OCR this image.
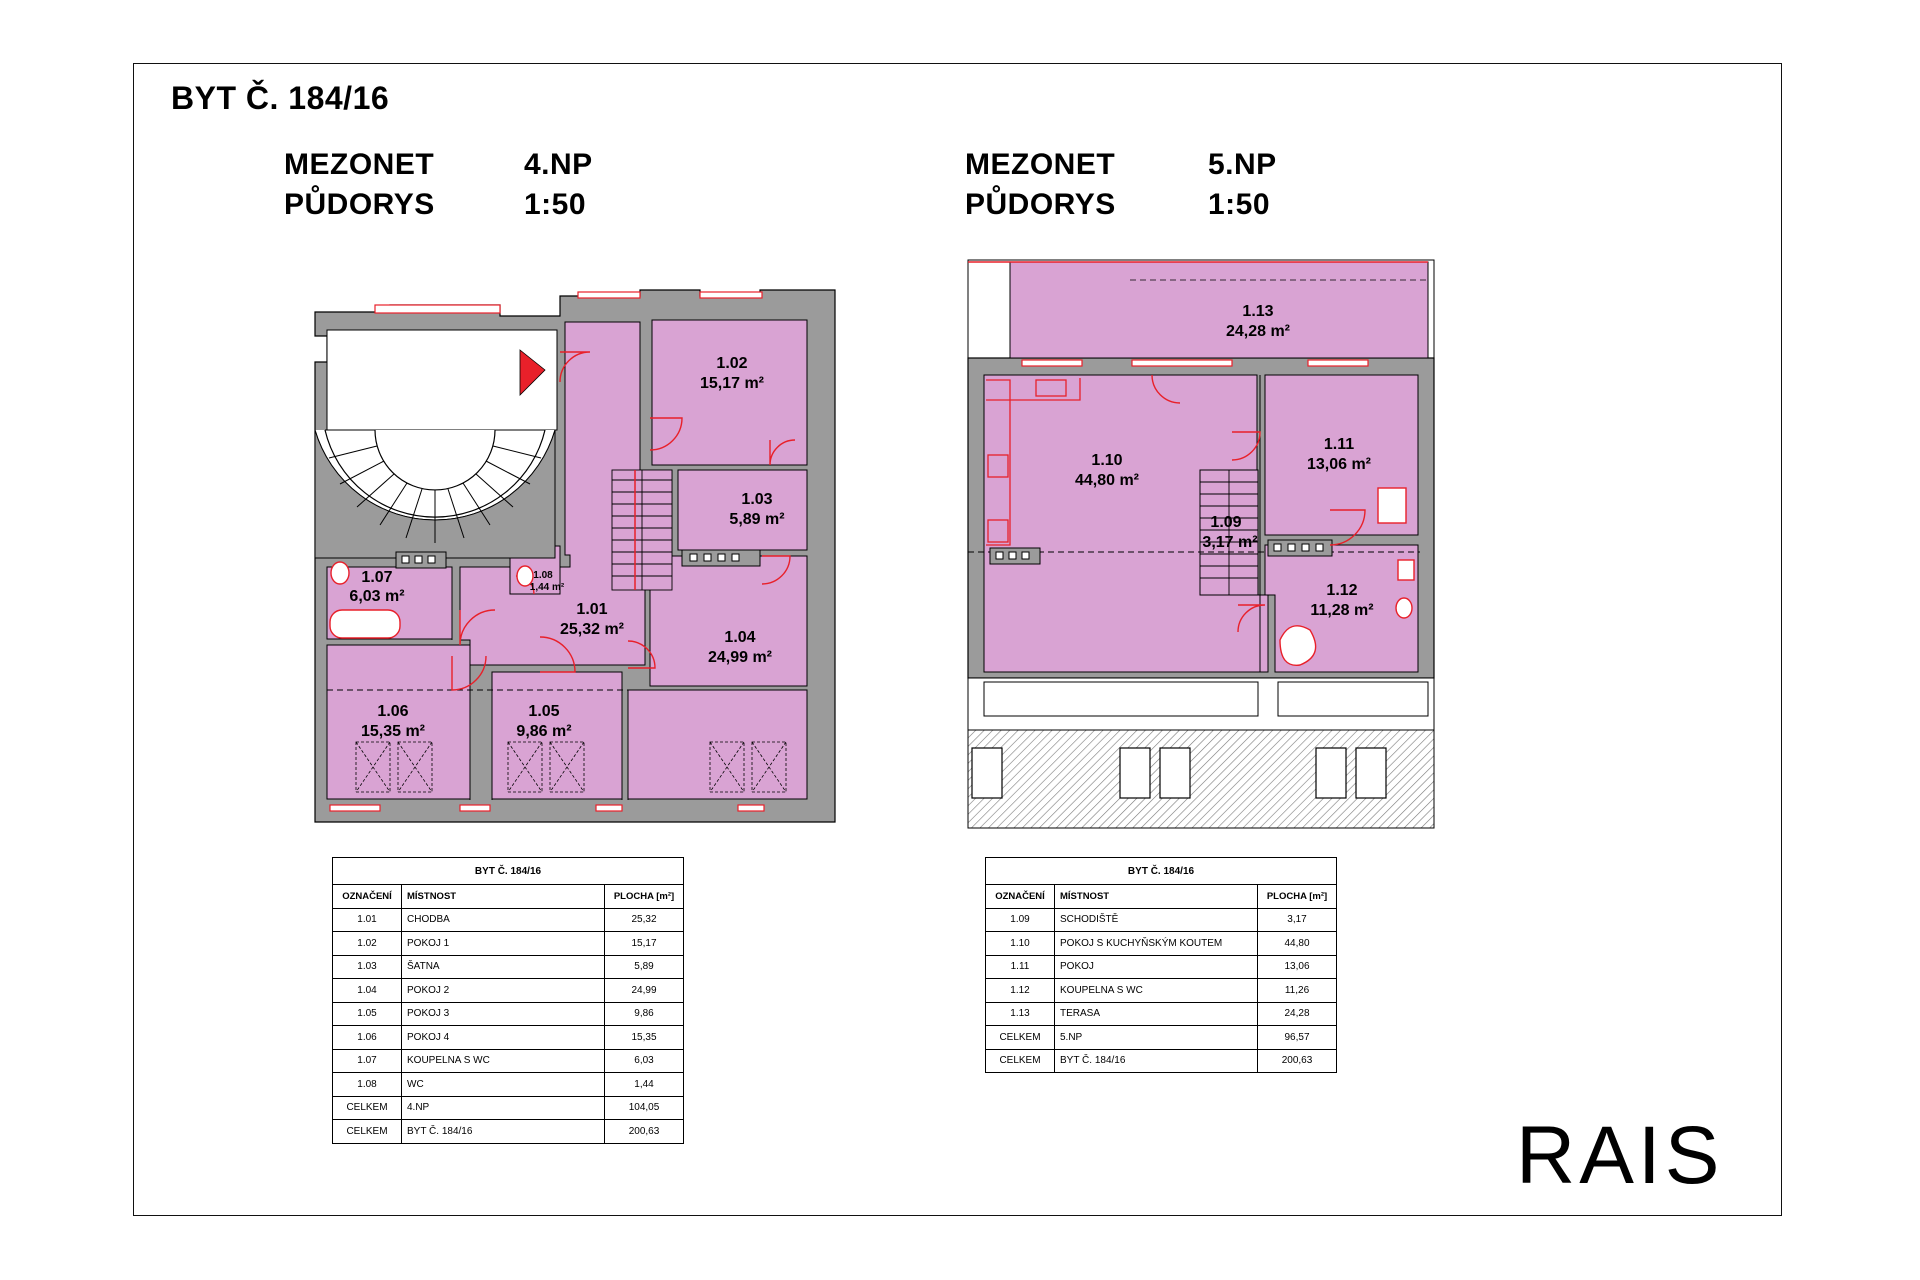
BYT Č. 184/16
MEZONET	4.NP
PŮDORYS	1:50
MEZONET	5.NP
PŮDORYS	1:50
1.02
15,17 m²
1.03
5,89 m²
1.01
25,32 m²	1.04
24,99 m²
1.07
6,03 m²
1.08
1,44 m²
1.06
15,35 m²
1.05
9,86 m²
1.13
24,28 m²
1.10
44,80 m²
1.11
13,06 m²
1.09
3,17 m²
1.12
11,28 m²
BYT Č. 184/16		
OZNAČENÍ	MÍSTNOST	PLOCHA [m²]
1.01	CHODBA	25,32
1.02	POKOJ 1	15,17
1.03	ŠATNA	5,89
1.04	POKOJ 2	24,99
1.05	POKOJ 3	9,86
1.06	POKOJ 4	15,35
1.07	KOUPELNA S WC	6,03
1.08	WC	1,44
CELKEM	4.NP	104,05
CELKEM	BYT Č. 184/16	200,63
BYT Č. 184/16		
OZNAČENÍ	MÍSTNOST	PLOCHA [m²]
1.09	SCHODIŠTĚ	3,17
1.10	POKOJ S KUCHYŇSKÝM KOUTEM	44,80
1.11	POKOJ	13,06
1.12	KOUPELNA S WC	11,26
1.13	TERASA	24,28
CELKEM	5.NP	96,57
CELKEM	BYT Č. 184/16	200,63
RAIS
